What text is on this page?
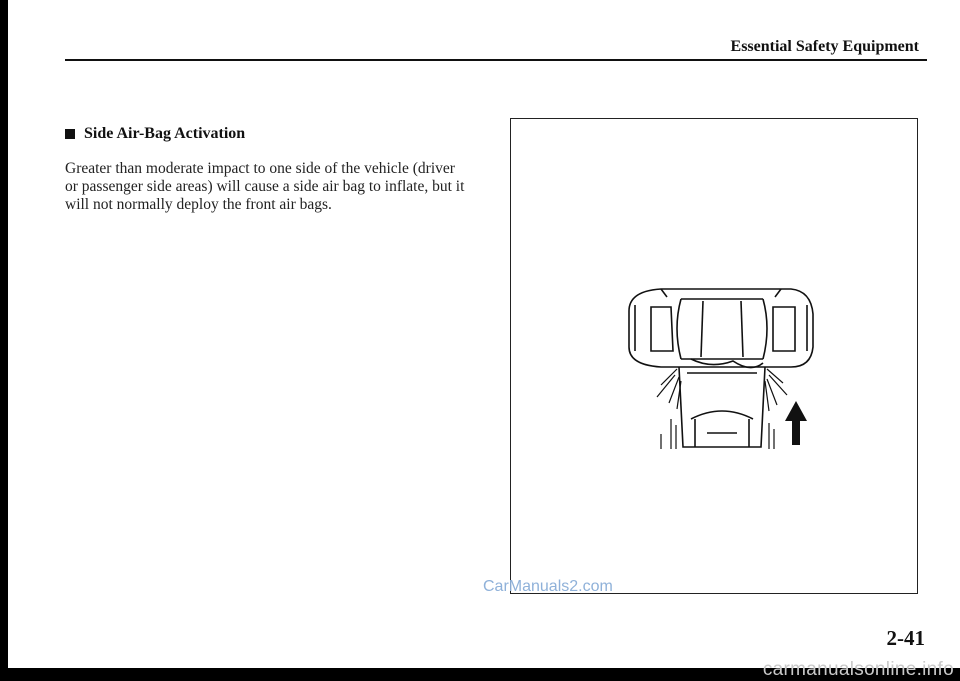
Essential Safety Equipment
Side Air-Bag Activation
Greater than moderate impact to one side of the vehicle (driver or passenger side areas) will cause a side air bag to inflate, but it will not normally deploy the front air bags.
CarManuals2.com
2-41
carmanualsonline.info
